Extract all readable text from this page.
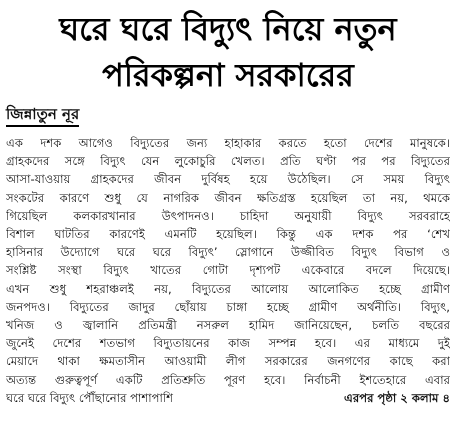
ঘরে ঘরে বিদ্যুৎ নিয়ে নতুন
পরিকল্পনা সরকারের
জিন্নাতুন নূর
এক দশক আগেও বিদ্যুতের জন্য হাহাকার করতে হতো দেশের মানুষকে।
গ্রাহকদের সঙ্গে বিদ্যুৎ যেন লুকোচুরি খেলত। প্রতি ঘণ্টা পর পর বিদ্যুতের
আসা-যাওয়ায় গ্রাহকদের জীবন দুর্বিষহ হয়ে উঠেছিল। সে সময় বিদ্যুৎ
সংকটের কারণে শুধু যে নাগরিক জীবন ক্ষতিগ্রস্ত হয়েছিল তা নয়, থমকে
গিয়েছিল কলকারখানার উৎপাদনও। চাহিদা অনুযায়ী বিদ্যুৎ সরবরাহে
বিশাল ঘাটতির কারণেই এমনটি হয়েছিল। কিন্তু এক দশক পর ‘শেখ
হাসিনার উদ্যোগে ঘরে ঘরে বিদ্যুৎ’ স্লোগানে উজ্জীবিত বিদ্যুৎ বিভাগ ও
সংশ্লিষ্ট সংস্থা বিদ্যুৎ খাতের গোটা দৃশ্যপট একেবারে বদলে দিয়েছে।
এখন শুধু শহরাঞ্চলই নয়, বিদ্যুতের আলোয় আলোকিত হচ্ছে গ্রামীণ
জনপদও। বিদ্যুতের জাদুর ছোঁয়ায় চাঙ্গা হচ্ছে গ্রামীণ অর্থনীতি। বিদ্যুৎ,
খনিজ ও জ্বালানি প্রতিমন্ত্রী নসরুল হামিদ জানিয়েছেন, চলতি বছরের
জুনেই দেশের শতভাগ বিদ্যুতায়নের কাজ সম্পন্ন হবে। এর মাধ্যমে দুই
মেয়াদে থাকা ক্ষমতাসীন আওয়ামী লীগ সরকারের জনগণের কাছে করা
অত্যন্ত গুরুত্বপূর্ণ একটি প্রতিশ্রুতি পূরণ হবে। নির্বাচনী ইশতেহারে এবার
ঘরে ঘরে বিদ্যুৎ পৌঁছানোর পাশাপাশি	এরপর পৃষ্ঠা ২ কলাম ৪
